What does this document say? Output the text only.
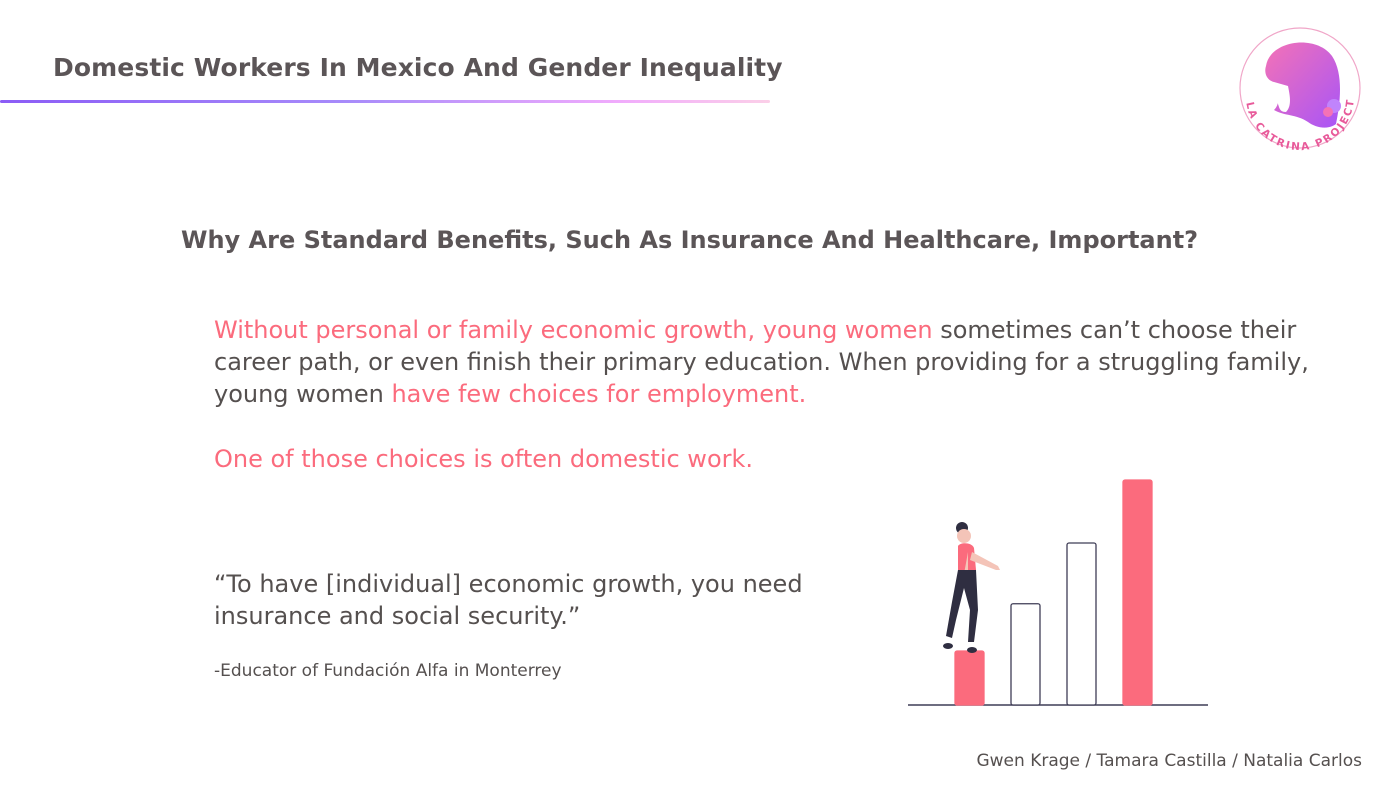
Domestic Workers In Mexico And Gender Inequality
LA CATRINA PROJECT
Why Are Standard Benefits, Such As Insurance And Healthcare, Important?

Without personal or family economic growth, young women sometimes can’t choose their career path, or even finish their primary education. When providing for a struggling family, young women have few choices for employment.

One of those choices is often domestic work.
“To have [individual] economic growth, you need insurance and social security.”
-Educator of Fundación Alfa in Monterrey
Gwen Krage / Tamara Castilla / Natalia Carlos
